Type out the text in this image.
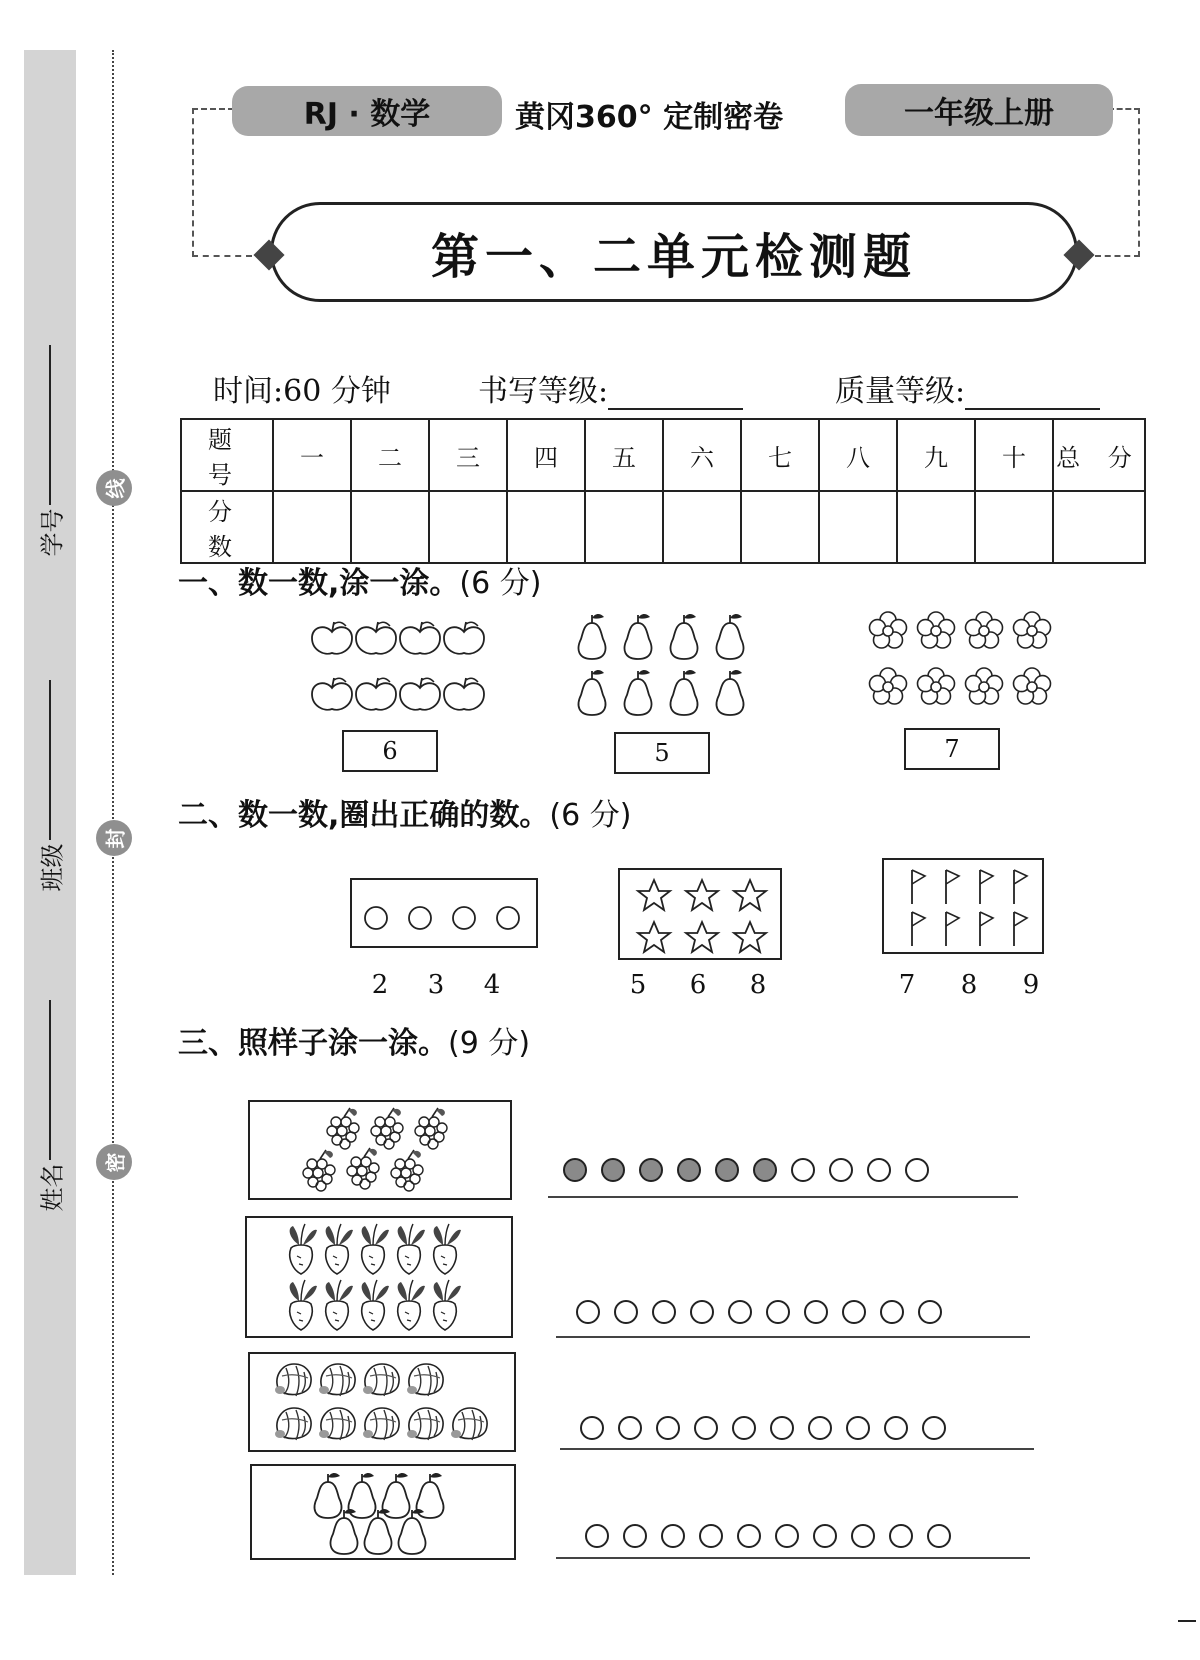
线
封
密
学号
班级
姓名
RJ · 数学	黄冈360° 定制密卷	一年级上册
第一、二单元检测题
时间:60 分钟	书写等级:	质量等级:
题 号	一	二	三	四	五	六	七	八	九	十	总 分
分 数											
一、数一数,涂一涂。(6 分)
6	5	7
二、数一数,圈出正确的数。(6 分)
2	3	4	5	6	8	7	8	9
三、照样子涂一涂。(9 分)
